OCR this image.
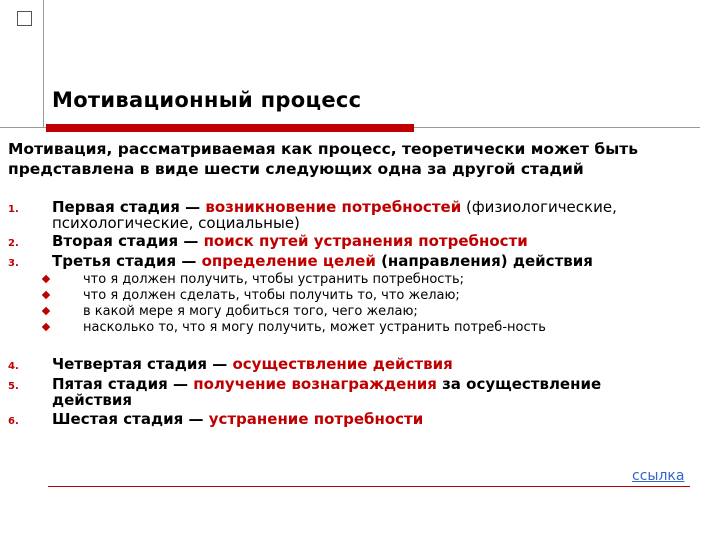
Мотивационный процесс
Мотивация, рассматриваемая как процесс, теоретически может быть представлена в виде шести следующих одна за другой стадий
1. Первая стадия — возникновение потребностей (физиологические, психологические, социальные)
2. Вторая стадия — поиск путей устранения потребности
3. Третья стадия — определение целей (направления) действия
что я должен получить, чтобы устранить потребность;
что я должен сделать, чтобы получить то, что желаю;
в какой мере я могу добиться того, чего желаю;
насколько то, что я могу получить, может устранить потреб-ность
4. Четвертая стадия — осуществление действия
5. Пятая стадия — получение вознаграждения за осуществление действия
6. Шестая стадия — устранение потребности
ссылка
